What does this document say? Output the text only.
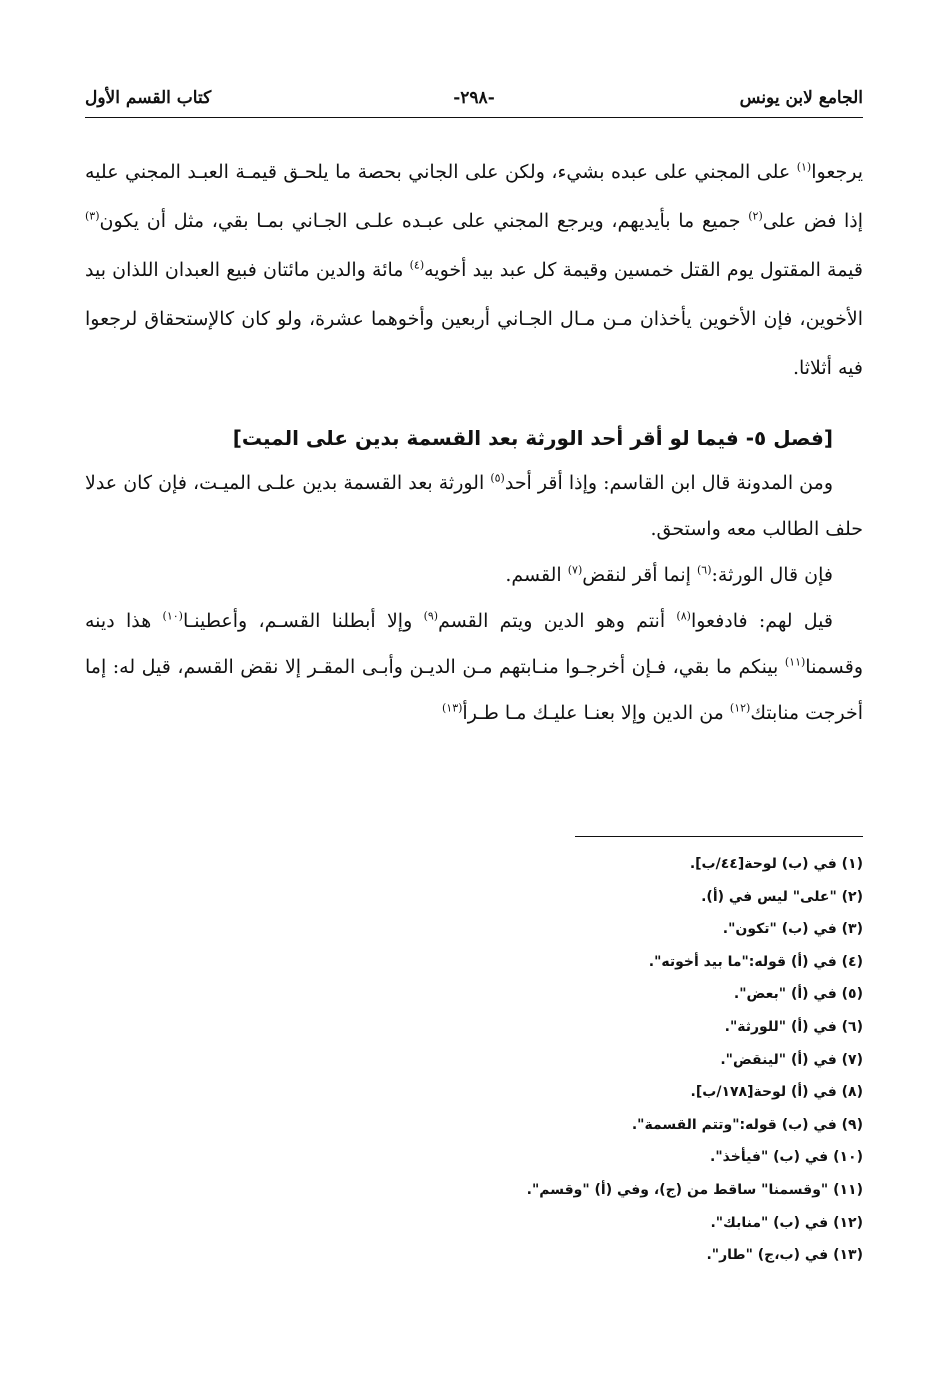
الجامع لابن يونس
-٢٩٨-
كتاب القسم الأول

يرجعوا$^{(١)}$ على المجني على عبده بشيء، ولكن على الجاني بحصة ما يلحـق قيمـة العبـد المجني عليه إذا فض على$^{(٢)}$ جميع ما بأيديهم، ويرجع المجني على عبـده علـى الجـاني بمـا بقي، مثل أن يكون$^{(٣)}$ قيمة المقتول يوم القتل خمسين وقيمة كل عبد بيد أخويه$^{(٤)}$ مائة والدين مائتان فبيع العبدان اللذان بيد الأخوين، فإن الأخوين يأخذان مـن مـال الجـاني أربعين وأخوهما عشرة، ولو كان كالإستحقاق لرجعوا فيه أثلاثا.

[فصل ٥- فيما لو أقر أحد الورثة بعد القسمة بدين على الميت]

ومن المدونة قال ابن القاسم: وإذا أقر أحد$^{(٥)}$ الورثة بعد القسمة بدين علـى الميـت، فإن كان عدلا حلف الطالب معه واستحق.

فإن قال الورثة:$^{(٦)}$ إنما أقر لنقض$^{(٧)}$ القسم.

قيل لهم: فادفعوا$^{(٨)}$ أنتم وهو الدين ويتم القسم$^{(٩)}$ وإلا أبطلنا القسـم، وأعطينـا$^{(١٠)}$ هذا دينه وقسمنا$^{(١١)}$ بينكم ما بقي، فـإن أخرجـوا منـابتهم مـن الديـن وأبـى المقـر إلا نقض القسم، قيل له: إما أخرجت منابتك$^{(١٢)}$ من الدين وإلا بعنـا عليـك مـا طـرأ$^{(١٣)}$

(١) في (ب) لوحة[٤٤/ب].

(٢) "على" ليس في (أ).

(٣) في (ب) "تكون".

(٤) في (أ) قوله:"ما بيد أخوته".

(٥) في (أ) "بعض".

(٦) في (أ) "للورثة".

(٧) في (أ) "لينقض".

(٨) في (أ) لوحة[١٧٨/ب].

(٩) في (ب) قوله:"وتتم القسمة".

(١٠) في (ب) "فيأخذ".

(١١) "وقسمنا" ساقط من (ج)، وفي (أ) "وقسم".

(١٢) في (ب) "منابك".

(١٣) في (ب،ج) "طار".
